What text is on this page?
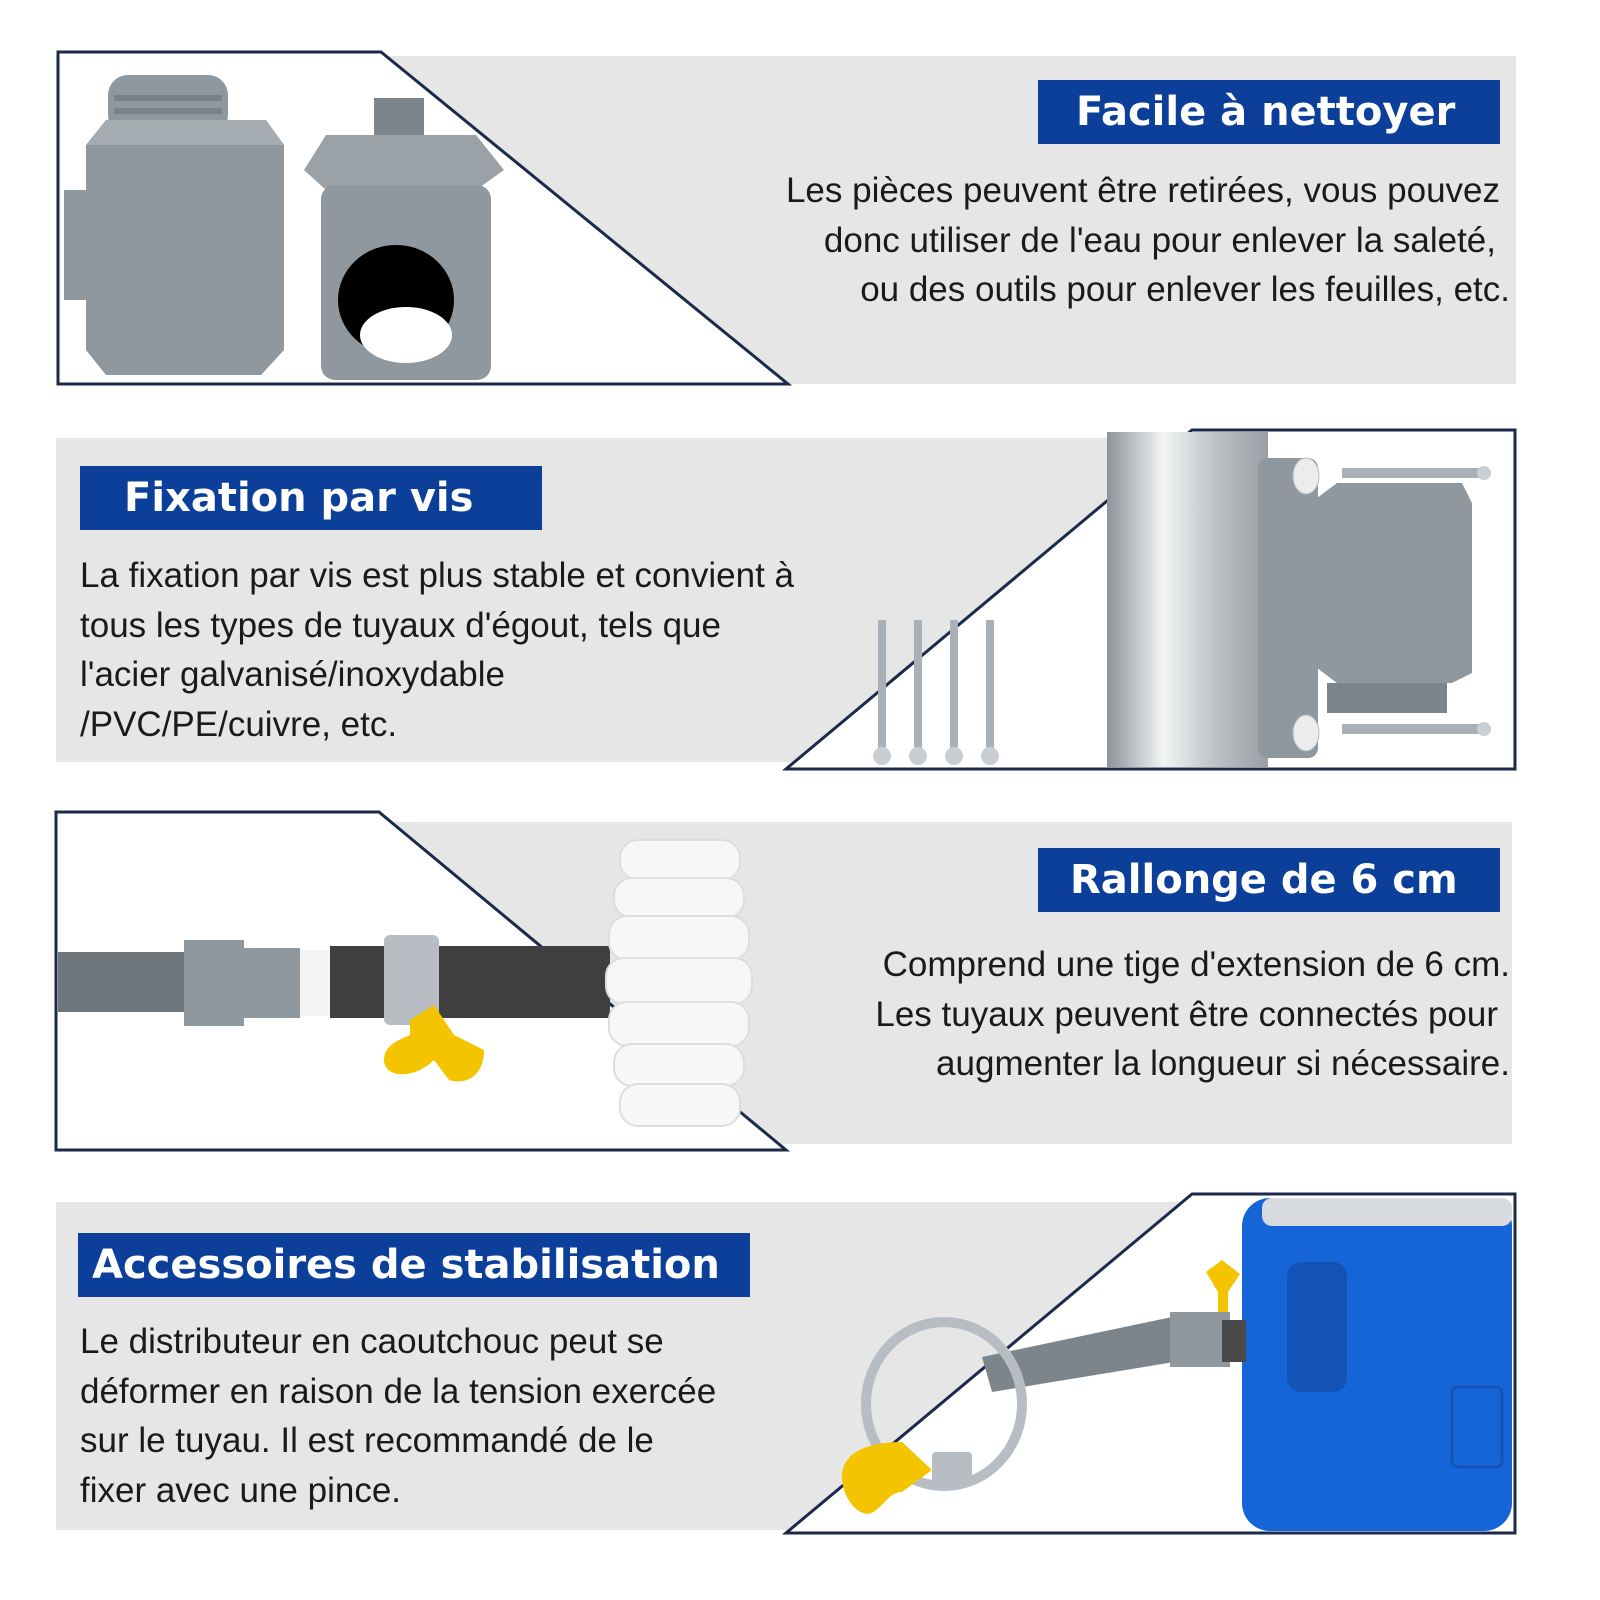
Facile à nettoyer
Les pièces peuvent être retirées, vous pouvez
donc utiliser de l'eau pour enlever la saleté,
ou des outils pour enlever les feuilles, etc.
Fixation par vis
La fixation par vis est plus stable et convient à
tous les types de tuyaux d'égout, tels que
l'acier galvanisé/inoxydable
/PVC/PE/cuivre, etc.
Rallonge de 6 cm
Comprend une tige d'extension de 6 cm.
Les tuyaux peuvent être connectés pour
augmenter la longueur si nécessaire.
Accessoires de stabilisation
Le distributeur en caoutchouc peut se
déformer en raison de la tension exercée
sur le tuyau. Il est recommandé de le
fixer avec une pince.
